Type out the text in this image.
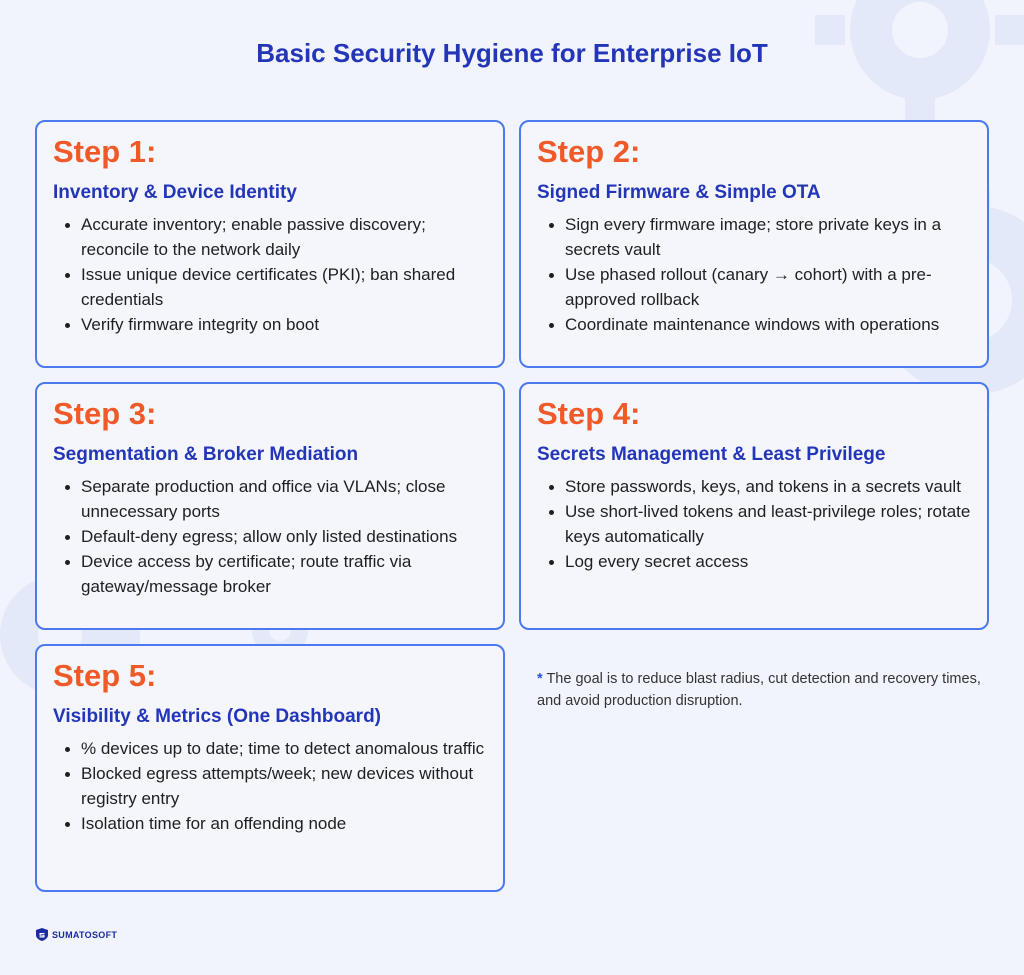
Basic Security Hygiene for Enterprise IoT
Step 1:
Inventory & Device Identity
Accurate inventory; enable passive discovery; reconcile to the network daily
Issue unique device certificates (PKI); ban shared credentials
Verify firmware integrity on boot
Step 2:
Signed Firmware & Simple OTA
Sign every firmware image; store private keys in a secrets vault
Use phased rollout (canary → cohort) with a pre-approved rollback
Coordinate maintenance windows with operations
Step 3:
Segmentation & Broker Mediation
Separate production and office via VLANs; close unnecessary ports
Default-deny egress; allow only listed destinations
Device access by certificate; route traffic via gateway/message broker
Step 4:
Secrets Management & Least Privilege
Store passwords, keys, and tokens in a secrets vault
Use short-lived tokens and least-privilege roles; rotate keys automatically
Log every secret access
Step 5:
Visibility & Metrics (One Dashboard)
% devices up to date; time to detect anomalous traffic
Blocked egress attempts/week; new devices without registry entry
Isolation time for an offending node
* The goal is to reduce blast radius, cut detection and recovery times, and avoid production disruption.
SUMATOSOFT
